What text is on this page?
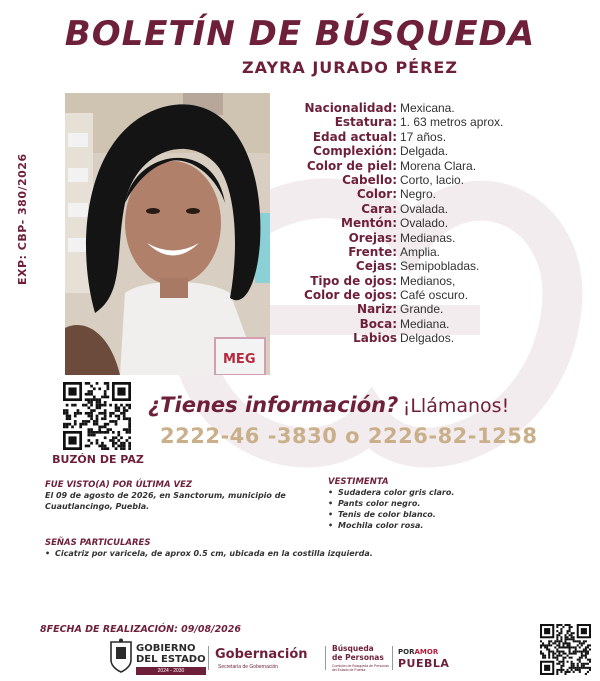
BOLETÍN DE BÚSQUEDA
ZAYRA JURADO PÉREZ
EXP: CBP- 380/2026
MEG
Nacionalidad: Mexicana.
Estatura: 1. 63 metros aprox.
Edad actual: 17 años.
Complexión: Delgada.
Color de piel: Morena Clara.
Cabello: Corto, lacio.
Color: Negro.
Cara: Ovalada.
Mentón: Ovalado.
Orejas: Medianas.
Frente: Amplia.
Cejas: Semipobladas.
Tipo de ojos: Medianos,
Color de ojos: Café oscuro.
Nariz: Grande.
Boca: Mediana.
Labios Delgados.
BUZÓN DE PAZ
¿Tienes información? ¡Llámanos!
2222-46 -3830 o 2226-82-1258
FUE VISTO(A) POR ÚLTIMA VEZ
El 09 de agosto de 2026, en Sanctorum, municipio de Cuautlancingo, Puebla.
VESTIMENTA
• Sudadera color gris claro.
• Pants color negro.
• Tenis de color blanco.
• Mochila color rosa.
SEÑAS PARTICULARES
• Cicatriz por varicela, de aprox 0.5 cm, ubicada en la costilla izquierda.
8FECHA DE REALIZACIÓN: 09/08/2026
GOBIERNO
DEL ESTADO
2024 - 2030
Gobernación
Secretaría de Gobernación
Búsqueda
de Personas
Comisión de Búsqueda de Personas del Estado de Puebla
PORAMOR
PUEBLA
